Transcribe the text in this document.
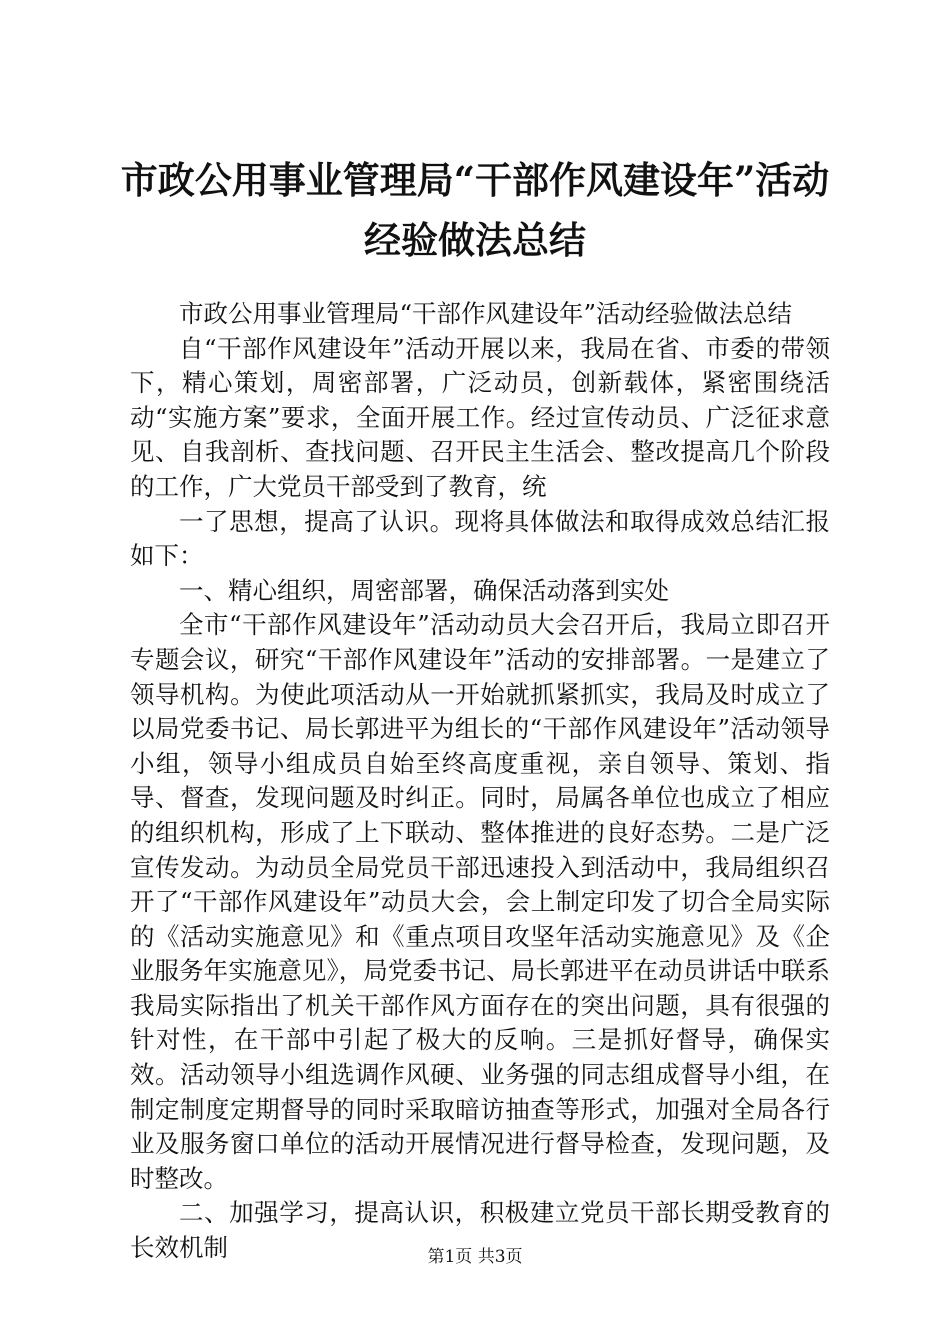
市政公用事业管理局“干部作风建设年”活动
经验做法总结

市政公用事业管理局“干部作风建设年”活动经验做法总结

自“干部作风建设年”活动开展以来，我局在省、市委的带领下，精心策划，周密部署，广泛动员，创新载体，紧密围绕活动“实施方案”要求，全面开展工作。经过宣传动员、广泛征求意见、自我剖析、查找问题、召开民主生活会、整改提高几个阶段的工作，广大党员干部受到了教育，统

一了思想，提高了认识。现将具体做法和取得成效总结汇报如下：

一、精心组织，周密部署，确保活动落到实处

全市“干部作风建设年”活动动员大会召开后，我局立即召开专题会议，研究“干部作风建设年”活动的安排部署。一是建立了领导机构。为使此项活动从一开始就抓紧抓实，我局及时成立了以局党委书记、局长郭进平为组长的“干部作风建设年”活动领导小组，领导小组成员自始至终高度重视，亲自领导、策划、指导、督查，发现问题及时纠正。同时，局属各单位也成立了相应的组织机构，形成了上下联动、整体推进的良好态势。二是广泛宣传发动。为动员全局党员干部迅速投入到活动中，我局组织召开了“干部作风建设年”动员大会，会上制定印发了切合全局实际的《活动实施意见》和《重点项目攻坚年活动实施意见》及《企业服务年实施意见》，局党委书记、局长郭进平在动员讲话中联系我局实际指出了机关干部作风方面存在的突出问题，具有很强的针对性，在干部中引起了极大的反响。三是抓好督导，确保实效。活动领导小组选调作风硬、业务强的同志组成督导小组，在制定制度定期督导的同时采取暗访抽查等形式，加强对全局各行业及服务窗口单位的活动开展情况进行督导检查，发现问题，及时整改。

二、加强学习，提高认识，积极建立党员干部长期受教育的长效机制	第1页 共3页
